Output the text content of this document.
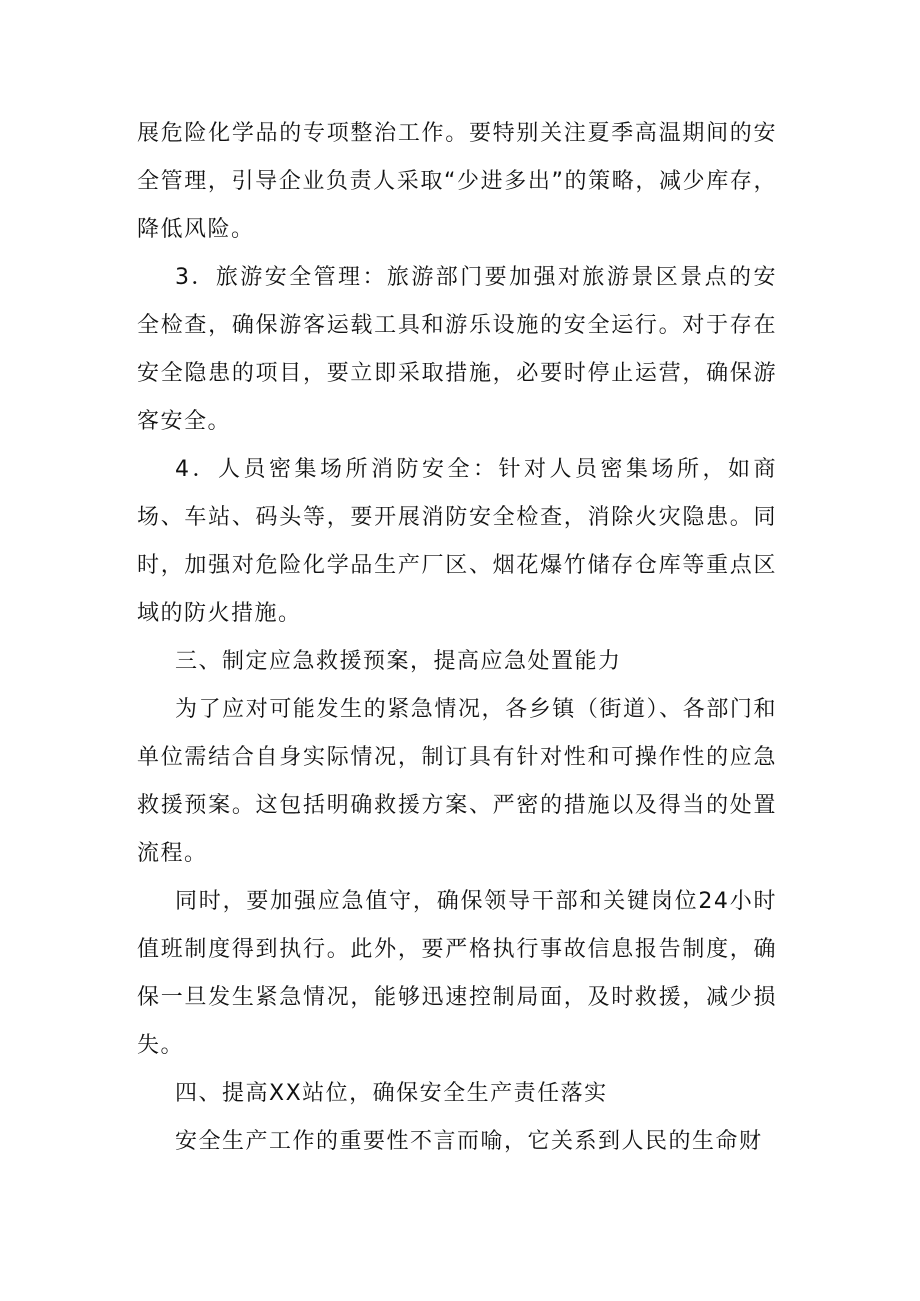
展危险化学品的专项整治工作。要特别关注夏季高温期间的安全管理，引导企业负责人采取“少进多出”的策略，减少库存，降低风险。

3．旅游安全管理：旅游部门要加强对旅游景区景点的安全检查，确保游客运载工具和游乐设施的安全运行。对于存在安全隐患的项目，要立即采取措施，必要时停止运营，确保游客安全。

4．人员密集场所消防安全：针对人员密集场所，如商场、车站、码头等，要开展消防安全检查，消除火灾隐患。同时，加强对危险化学品生产厂区、烟花爆竹储存仓库等重点区域的防火措施。

三、制定应急救援预案，提高应急处置能力

为了应对可能发生的紧急情况，各乡镇（街道）、各部门和单位需结合自身实际情况，制订具有针对性和可操作性的应急救援预案。这包括明确救援方案、严密的措施以及得当的处置流程。

同时，要加强应急值守，确保领导干部和关键岗位24小时值班制度得到执行。此外，要严格执行事故信息报告制度，确保一旦发生紧急情况，能够迅速控制局面，及时救援，减少损失。

四、提高XX站位，确保安全生产责任落实

安全生产工作的重要性不言而喻，它关系到人民的生命财
